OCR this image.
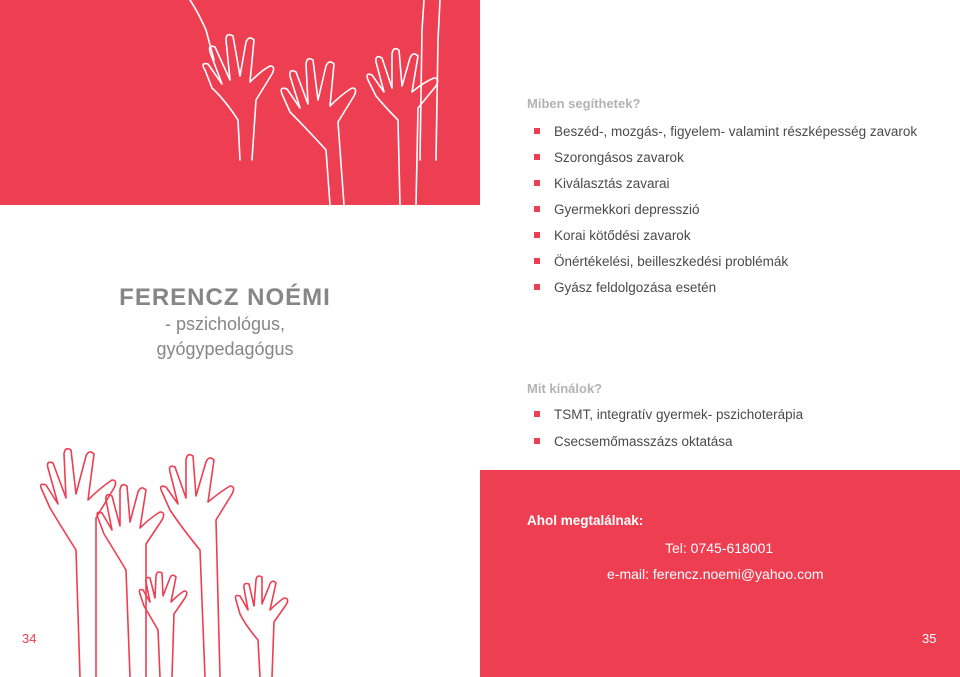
FERENCZ NOÉMI
- pszichológus,
gyógypedagógus
Miben segíthetek?
Beszéd-, mozgás-, figyelem- valamint részképesség zavarok
Szorongásos zavarok
Kiválasztás zavarai
Gyermekkori depresszió
Korai kötődési zavarok
Önértékelési, beilleszkedési problémák
Gyász feldolgozása esetén
Mit kínálok?
TSMT, integratív gyermek- pszichoterápia
Csecsemőmasszázs oktatása
Ahol megtalálnak:
Tel: 0745-618001
e-mail: ferencz.noemi@yahoo.com
34	35
